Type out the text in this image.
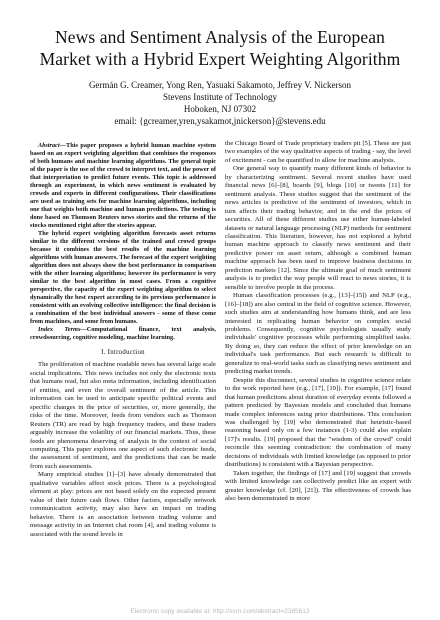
News and Sentiment Analysis of the European
Market with a Hybrid Expert Weighting Algorithm
Germán G. Creamer, Yong Ren, Yasuaki Sakamoto, Jeffrey V. Nickerson
Stevens Institute of Technology
Hoboken, NJ 07302
email: {gcreamer,yren,ysakamot,jnickerson}@stevens.edu

Abstract—This paper proposes a hybrid human machine system based on an expert weighting algorithm that combines the responses of both humans and machine learning algorithms. The general topic of the paper is the use of the crowd to interpret text, and the power of that interpretation to predict future events. This topic is addressed through an experiment, in which news sentiment is evaluated by crowds and experts in different configurations. Their classifications are used as training sets for machine learning algorithms, including one that weights both machine and human predictions. The testing is done based on Thomson Reuters news stories and the returns of the stocks mentioned right after the stories appear.

The hybrid expert weighting algorithm forecasts asset returns similar to the different versions of the trained and crowd groups because it combines the best results of the machine learning algorithms with human answers. The forecast of the expert weighting algorithm does not always show the best performance in comparison with the other learning algorithms; however its performance is very similar to the best algorithm in most cases. From a cognitive perspective, the capacity of the expert weighting algorithm to select dynamically the best expert according to its previous performance is consistent with an evolving collective intelligence: the final decision is a combination of the best individual answers - some of these come from machines, and some from humans.

Index Terms—Computational finance, text analysis, crowdsourcing, cognitive modeling, machine learning.

I. Introduction

The proliferation of machine readable news has several large scale social implications. This news includes not only the electronic texts that humans read, but also meta information, including identification of entities, and even the overall sentiment of the article. This information can be used to anticipate specific political events and specific changes in the price of securities, or, more generally, the risks of the time. Moreover, feeds from vendors such as Thomson Reuters (TR) are read by high frequency traders, and these traders arguably increase the volatility of our financial markets. Thus, these feeds are phenomena deserving of analysis in the context of social computing. This paper explores one aspect of such electronic feeds, the assessment of sentiment, and the predictions that can be made from such assessments.

Many empirical studies [1]–[3] have already demonstrated that qualitative variables affect stock prices. There is a psychological element at play: prices are not based solely on the expected present value of their future cash flows. Other factors, especially network communication activity, may also have an impact on trading behavior. There is an association between trading volume and message activity in an Internet chat room [4], and trading volume is associated with the sound levels in

the Chicago Board of Trade proprietary traders pit [5]. These are just two examples of the way qualitative aspects of trading - say, the level of excitement - can be quantified to allow for machine analysis.

One general way to quantify many different kinds of behavior is by characterizing sentiment. Several recent studies have used financial news [6]–[8], boards [9], blogs [10] or tweets [11] for sentiment analysis. These studies suggest that the sentiment of the news articles is predictive of the sentiment of investors, which in turn affects their trading behavior, and in the end the prices of securities. All of these different studies use either human-labeled datasets or natural language processing (NLP) methods for sentiment classification. This literature, however, has not explored a hybrid human machine approach to classify news sentiment and their predictive power on asset return, although a combined human machine approach has been used to improve business decisions in prediction markets [12]. Since the ultimate goal of much sentiment analysis is to predict the way people will react to news stories, it is sensible to involve people in the process.

Human classification processes (e.g., [13]–[15]) and NLP (e.g., [16]–[18]) are also central in the field of cognitive science. However, such studies aim at understanding how humans think, and are less interested in replicating human behavior on complex social problems. Consequently, cognitive psychologists usually study individuals' cognitive processes while performing simplified tasks. By doing so, they can reduce the effect of prior knowledge on an individual's task performance. But such research is difficult to generalize to real-world tasks such as classifying news sentiment and predicting market trends.

Despite this disconnect, several studies in cognitive science relate to the work reported here (e.g., [17], [19]). For example, [17] found that human predictions about duration of everyday events followed a pattern predicted by Bayesian models and concluded that humans made complex inferences using prior distributions. This conclusion was challenged by [19] who demonstrated that heuristic-based reasoning based only on a few instances (1-3) could also explain [17]'s results. [19] proposed that the "wisdom of the crowd" could reconcile this seeming contradiction: the combination of many decisions of individuals with limited knowledge (as opposed to prior distributions) is consistent with a Bayesian perspective.

Taken together, the findings of [17] and [19] suggest that crowds with limited knowledge can collectively predict like an expert with greater knowledge (cf. [20], [21]). The effectiveness of crowds has also been demonstrated in more

Electronic copy available at: http://ssrn.com/abstract=2385613
